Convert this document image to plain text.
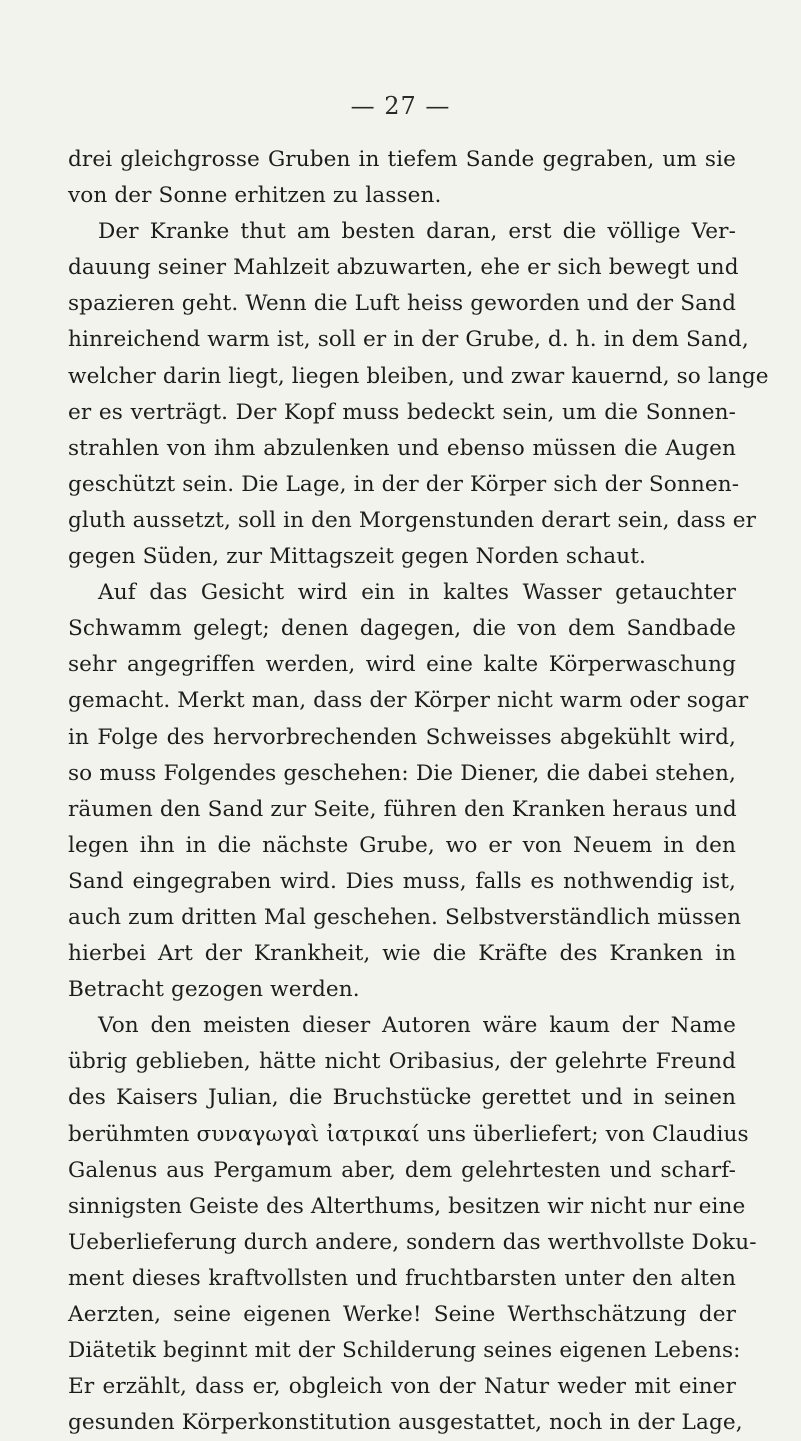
— 27 —
drei gleichgrosse Gruben in tiefem Sande gegraben, um sie
von der Sonne erhitzen zu lassen.
Der Kranke thut am besten daran, erst die völlige Ver-
dauung seiner Mahlzeit abzuwarten, ehe er sich bewegt und
spazieren geht. Wenn die Luft heiss geworden und der Sand
hinreichend warm ist, soll er in der Grube, d. h. in dem Sand,
welcher darin liegt, liegen bleiben, und zwar kauernd, so lange
er es verträgt. Der Kopf muss bedeckt sein, um die Sonnen-
strahlen von ihm abzulenken und ebenso müssen die Augen
geschützt sein. Die Lage, in der der Körper sich der Sonnen-
gluth aussetzt, soll in den Morgenstunden derart sein, dass er
gegen Süden, zur Mittagszeit gegen Norden schaut.
Auf das Gesicht wird ein in kaltes Wasser getauchter
Schwamm gelegt; denen dagegen, die von dem Sandbade
sehr angegriffen werden, wird eine kalte Körperwaschung
gemacht. Merkt man, dass der Körper nicht warm oder sogar
in Folge des hervorbrechenden Schweisses abgekühlt wird,
so muss Folgendes geschehen: Die Diener, die dabei stehen,
räumen den Sand zur Seite, führen den Kranken heraus und
legen ihn in die nächste Grube, wo er von Neuem in den
Sand eingegraben wird. Dies muss, falls es nothwendig ist,
auch zum dritten Mal geschehen. Selbstverständlich müssen
hierbei Art der Krankheit, wie die Kräfte des Kranken in
Betracht gezogen werden.
Von den meisten dieser Autoren wäre kaum der Name
übrig geblieben, hätte nicht Oribasius, der gelehrte Freund
des Kaisers Julian, die Bruchstücke gerettet und in seinen
berühmten συναγωγαὶ ἰατρικαί uns überliefert; von Claudius
Galenus aus Pergamum aber, dem gelehrtesten und scharf-
sinnigsten Geiste des Alterthums, besitzen wir nicht nur eine
Ueberlieferung durch andere, sondern das werthvollste Doku-
ment dieses kraftvollsten und fruchtbarsten unter den alten
Aerzten, seine eigenen Werke! Seine Werthschätzung der
Diätetik beginnt mit der Schilderung seines eigenen Lebens:
Er erzählt, dass er, obgleich von der Natur weder mit einer
gesunden Körperkonstitution ausgestattet, noch in der Lage,
